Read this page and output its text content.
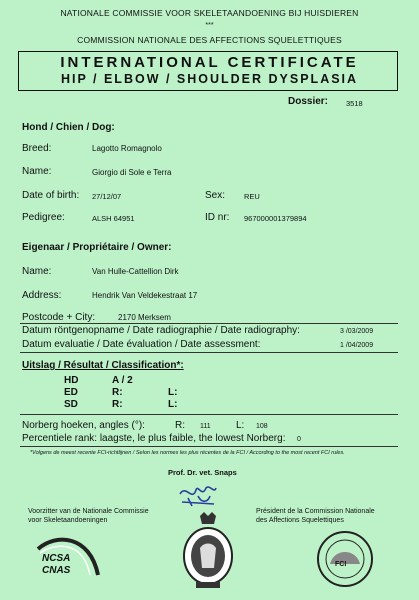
NATIONALE COMMISSIE VOOR SKELETAANDOENING BIJ HUISDIEREN
***
COMMISSION NATIONALE DES AFFECTIONS SQUELETTIQUES
INTERNATIONAL CERTIFICATE
HIP / ELBOW / SHOULDER DYSPLASIA
Dossier: 3518
Hond / Chien / Dog:
Breed:	Lagotto Romagnolo
Name:	Giorgio di Sole e Terra
Date of birth: 27/12/07	Sex:	REU
Pedigree:	ALSH 64951	ID nr: 967000001379894
Eigenaar / Propriétaire / Owner:
Name:	Van Hulle-Cattellion Dirk
Address:	Hendrik Van Veldekestraat 17
Postcode + City:	2170 Merksem
Datum röntgenopname / Date radiographie / Date radiography:	3 /03/2009
Datum evaluatie / Date évaluation / Date assessment:	1 /04/2009
Uitslag / Résultat / Classification*:
HD	A / 2
ED	R:	L:
SD	R:	L:
Norberg hoeken, angles (°):	R: 111	L: 108
Percentiele rank: laagste, le plus faible, the lowest Norberg: 0
*Volgens de meest recente FCI-richtlijnen / Selon les normes les plus récentes de la FCI / According to the most recent FCI rules.
Prof. Dr. vet. Snaps
Voorzitter van de Nationale Commissie
voor Skeletaandoeningen
Président de la Commission Nationale
des Affections Squelettiques
NCSA
CNAS
FCI
